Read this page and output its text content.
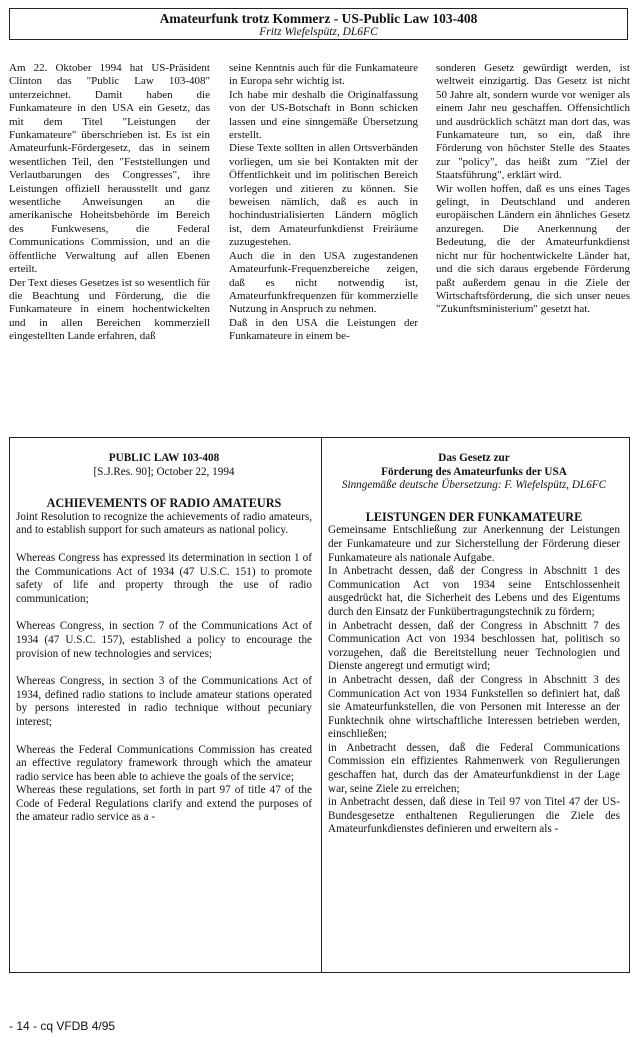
Amateurfunk trotz Kommerz - US-Public Law 103-408
Fritz Wiefelspütz, DL6FC

Am 22. Oktober 1994 hat US-Präsident Clinton das "Public Law 103-408" unterzeichnet. Damit haben die Funkamateure in den USA ein Gesetz, das mit dem Titel "Leistungen der Funkamateure" überschrieben ist. Es ist ein Amateurfunk-Fördergesetz, das in seinem wesentlichen Teil, den "Feststellungen und Verlautbarungen des Congresses", ihre Leistungen offiziell herausstellt und ganz wesentliche Anweisungen an die amerikanische Hoheitsbehörde im Bereich des Funkwesens, die Federal Communications Commission, und an die öffentliche Verwaltung auf allen Ebenen erteilt.

Der Text dieses Gesetzes ist so wesentlich für die Beachtung und Förderung, die die Funkamateure in einem hochentwickelten und in allen Bereichen kommerziell eingestellten Lande erfahren, daß

seine Kenntnis auch für die Funkamateure in Europa sehr wichtig ist.

Ich habe mir deshalb die Originalfassung von der US-Botschaft in Bonn schicken lassen und eine sinngemäße Übersetzung erstellt.

Diese Texte sollten in allen Ortsverbänden vorliegen, um sie bei Kontakten mit der Öffentlichkeit und im politischen Bereich vorlegen und zitieren zu können. Sie beweisen nämlich, daß es auch in hochindustrialisierten Ländern möglich ist, dem Amateurfunkdienst Freiräume zuzugestehen.

Auch die in den USA zugestandenen Amateurfunk-Frequenzbereiche zeigen, daß es nicht notwendig ist, Amateurfunkfrequenzen für kommerzielle Nutzung in Anspruch zu nehmen.

Daß in den USA die Leistungen der Funkamateure in einem be-

sonderen Gesetz gewürdigt werden, ist weltweit einzigartig. Das Gesetz ist nicht 50 Jahre alt, sondern wurde vor weniger als einem Jahr neu geschaffen. Offensichtlich und ausdrücklich schätzt man dort das, was Funkamateure tun, so ein, daß ihre Förderung von höchster Stelle des Staates zur "policy", das heißt zum "Ziel der Staatsführung", erklärt wird.

Wir wollen hoffen, daß es uns eines Tages gelingt, in Deutschland und anderen europäischen Ländern ein ähnliches Gesetz anzuregen. Die Anerkennung der Bedeutung, die der Amateurfunkdienst nicht nur für hochentwickelte Länder hat, und die sich daraus ergebende Förderung paßt außerdem genau in die Ziele der Wirtschaftsförderung, die sich unser neues "Zukunftsministerium" gesetzt hat.

PUBLIC LAW 103-408
[S.J.Res. 90]; October 22, 1994
ACHIEVEMENTS OF RADIO AMATEURS

Joint Resolution to recognize the achievements of radio amateurs, and to establish support for such amateurs as national policy.

Whereas Congress has expressed its determination in section 1 of the Communications Act of 1934 (47 U.S.C. 151) to promote safety of life and property through the use of radio communication;

Whereas Congress, in section 7 of the Communications Act of 1934 (47 U.S.C. 157), established a policy to encourage the provision of new technologies and services;

Whereas Congress, in section 3 of the Communications Act of 1934, defined radio stations to include amateur stations operated by persons interested in radio technique without pecuniary interest;

Whereas the Federal Communications Commission has created an effective regulatory framework through which the amateur radio service has been able to achieve the goals of the service;

Whereas these regulations, set forth in part 97 of title 47 of the Code of Federal Regulations clarify and extend the purposes of the amateur radio service as a -

Das Gesetz zur
Förderung des Amateurfunks der USA
Sinngemäße deutsche Übersetzung: F. Wiefelspütz, DL6FC
LEISTUNGEN DER FUNKAMATEURE

Gemeinsame Entschließung zur Anerkennung der Leistungen der Funkamateure und zur Sicherstellung der Förderung dieser Funkamateure als nationale Aufgabe.

In Anbetracht dessen, daß der Congress in Abschnitt 1 des Communication Act von 1934 seine Entschlossenheit ausgedrückt hat, die Sicherheit des Lebens und des Eigentums durch den Einsatz der Funkübertragungstechnik zu fördern;

in Anbetracht dessen, daß der Congress in Abschnitt 7 des Communication Act von 1934 beschlossen hat, politisch so vorzugehen, daß die Bereitstellung neuer Technologien und Dienste angeregt und ermutigt wird;

in Anbetracht dessen, daß der Congress in Abschnitt 3 des Communication Act von 1934 Funkstellen so definiert hat, daß sie Amateurfunkstellen, die von Personen mit Interesse an der Funktechnik ohne wirtschaftliche Interessen betrieben werden, einschließen;

in Anbetracht dessen, daß die Federal Communications Commission ein effizientes Rahmenwerk von Regulierungen geschaffen hat, durch das der Amateurfunkdienst in der Lage war, seine Ziele zu erreichen;

in Anbetracht dessen, daß diese in Teil 97 von Titel 47 der US-Bundesgesetze enthaltenen Regulierungen die Ziele des Amateurfunkdienstes definieren und erweitern als -

- 14 - cq VFDB 4/95
